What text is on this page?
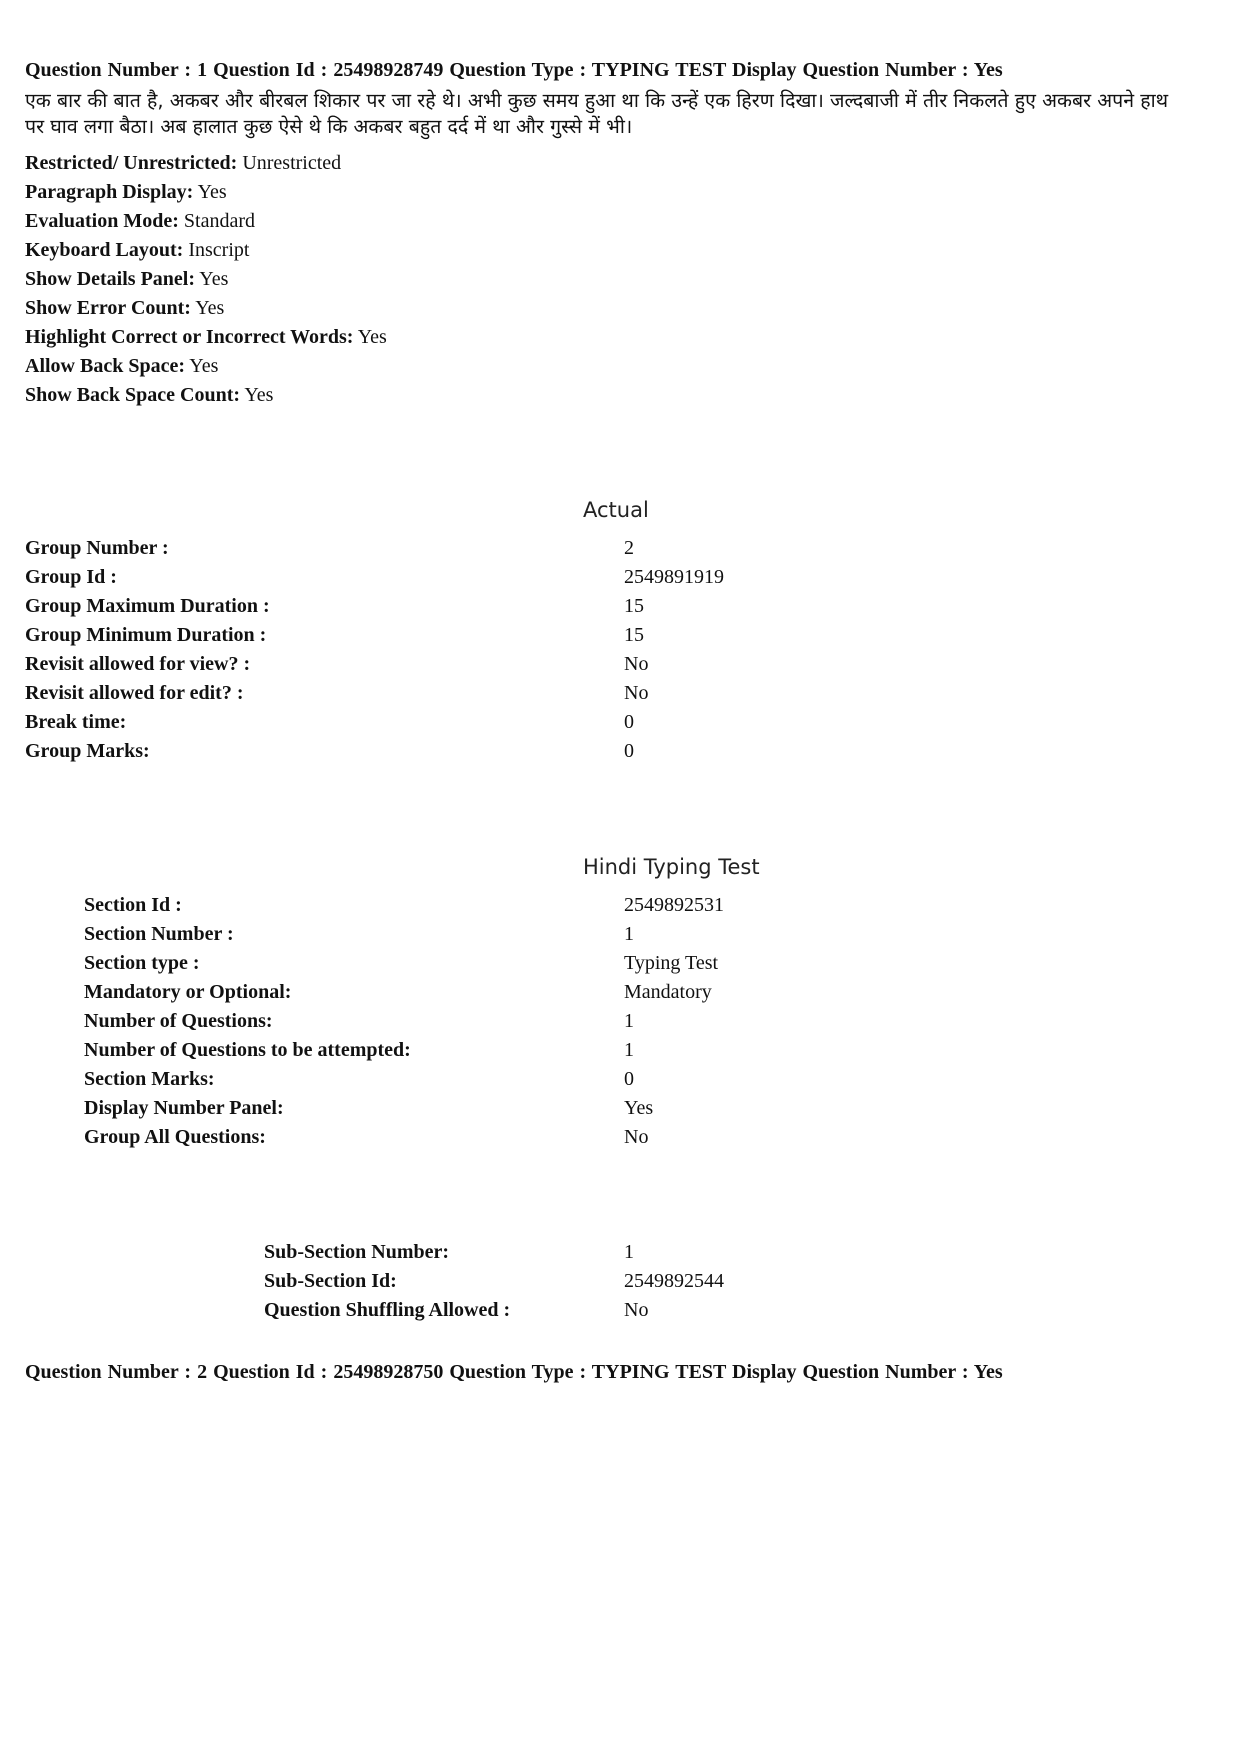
Question Number : 1 Question Id : 25498928749 Question Type : TYPING TEST Display Question Number : Yes
एक बार की बात है, अकबर और बीरबल शिकार पर जा रहे थे। अभी कुछ समय हुआ था कि उन्हें एक हिरण दिखा। जल्दबाजी में तीर निकलते हुए अकबर अपने हाथ पर घाव लगा बैठा। अब हालात कुछ ऐसे थे कि अकबर बहुत दर्द में था और गुस्से में भी।
Restricted/ Unrestricted: Unrestricted
Paragraph Display: Yes
Evaluation Mode: Standard
Keyboard Layout: Inscript
Show Details Panel: Yes
Show Error Count: Yes
Highlight Correct or Incorrect Words: Yes
Allow Back Space: Yes
Show Back Space Count: Yes
Actual
Group Number :	2
Group Id :	2549891919
Group Maximum Duration :	15
Group Minimum Duration :	15
Revisit allowed for view? :	No
Revisit allowed for edit? :	No
Break time:	0
Group Marks:	0
Hindi Typing Test
Section Id :	2549892531
Section Number :	1
Section type :	Typing Test
Mandatory or Optional:	Mandatory
Number of Questions:	1
Number of Questions to be attempted:	1
Section Marks:	0
Display Number Panel:	Yes
Group All Questions:	No
Sub-Section Number:	1
Sub-Section Id:	2549892544
Question Shuffling Allowed :	No
Question Number : 2 Question Id : 25498928750 Question Type : TYPING TEST Display Question Number : Yes
